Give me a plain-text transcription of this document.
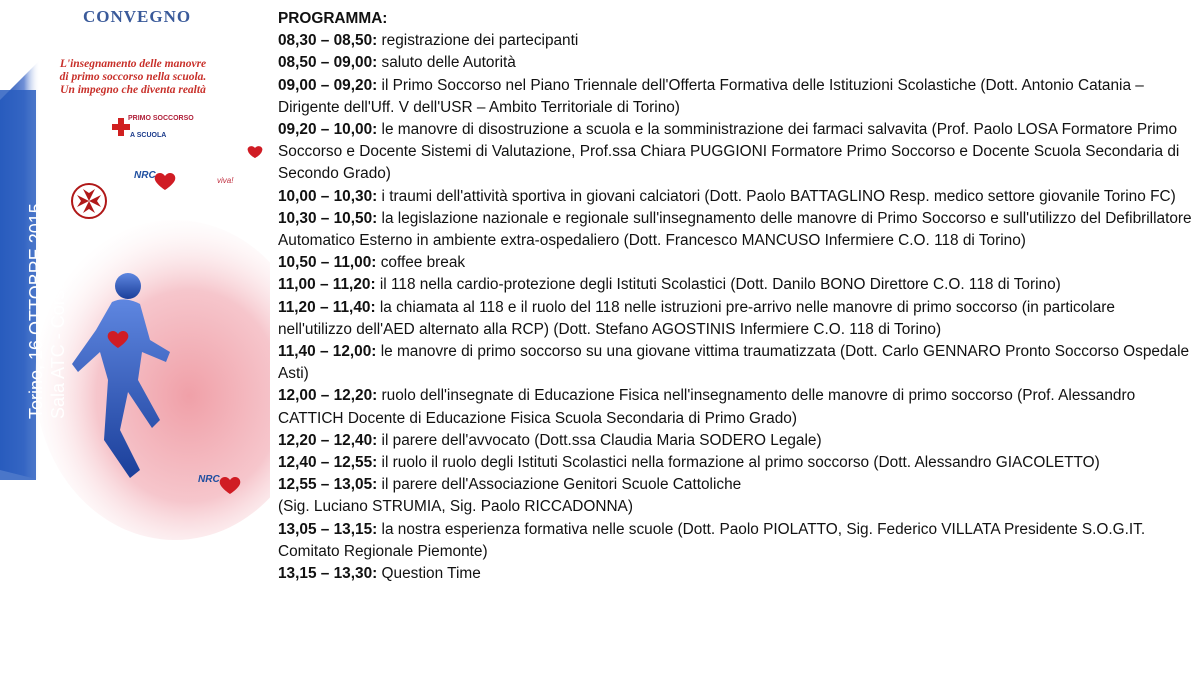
CONVEGNO
L'insegnamento delle manovre
di primo soccorso nella scuola.
Un impegno che diventa realtà
PRIMO SOCCORSO
A SCUOLA
NRC	viva!
NRC
Torino, 16 OTTOBRE 2015 Sala ATC - Corso Dante, 14
PROGRAMMA:
08,30 – 08,50: registrazione dei partecipanti
08,50 – 09,00: saluto delle Autorità
09,00 – 09,20: il Primo Soccorso nel Piano Triennale dell'Offerta Formativa delle Istituzioni Scolastiche (Dott. Antonio Catania – Dirigente dell'Uff. V dell'USR – Ambito Territoriale di Torino)
09,20 – 10,00: le manovre di disostruzione a scuola e la somministrazione dei farmaci salvavita (Prof. Paolo LOSA Formatore Primo Soccorso e Docente Sistemi di Valutazione, Prof.ssa Chiara PUGGIONI Formatore Primo Soccorso e Docente Scuola Secondaria di Secondo Grado)
10,00 – 10,30: i traumi dell'attività sportiva in giovani calciatori (Dott. Paolo BATTAGLINO Resp. medico settore giovanile Torino FC)
10,30 – 10,50: la legislazione nazionale e regionale sull'insegnamento delle manovre di Primo Soccorso e sull'utilizzo del Defibrillatore Automatico Esterno in ambiente extra-ospedaliero (Dott. Francesco MANCUSO Infermiere C.O. 118 di Torino)
10,50 – 11,00: coffee break
11,00 – 11,20: il 118 nella cardio-protezione degli Istituti Scolastici (Dott. Danilo BONO Direttore C.O. 118 di Torino)
11,20 – 11,40: la chiamata al 118 e il ruolo del 118 nelle istruzioni pre-arrivo nelle manovre di primo soccorso (in particolare nell'utilizzo dell'AED alternato alla RCP) (Dott. Stefano AGOSTINIS Infermiere C.O. 118 di Torino)
11,40 – 12,00: le manovre di primo soccorso su una giovane vittima traumatizzata (Dott. Carlo GENNARO Pronto Soccorso Ospedale Asti)
12,00 – 12,20: ruolo dell'insegnate di Educazione Fisica nell'insegnamento delle manovre di primo soccorso (Prof. Alessandro CATTICH Docente di Educazione Fisica Scuola Secondaria di Primo Grado)
12,20 – 12,40: il parere dell'avvocato (Dott.ssa Claudia Maria SODERO Legale)
12,40 – 12,55: il ruolo il ruolo degli Istituti Scolastici nella formazione al primo soccorso (Dott. Alessandro GIACOLETTO)
12,55 – 13,05: il parere dell'Associazione Genitori Scuole Cattoliche
(Sig. Luciano STRUMIA, Sig. Paolo RICCADONNA)
13,05 – 13,15: la nostra esperienza formativa nelle scuole (Dott. Paolo PIOLATTO, Sig. Federico VILLATA Presidente S.O.G.IT. Comitato Regionale Piemonte)
13,15 – 13,30: Question Time
